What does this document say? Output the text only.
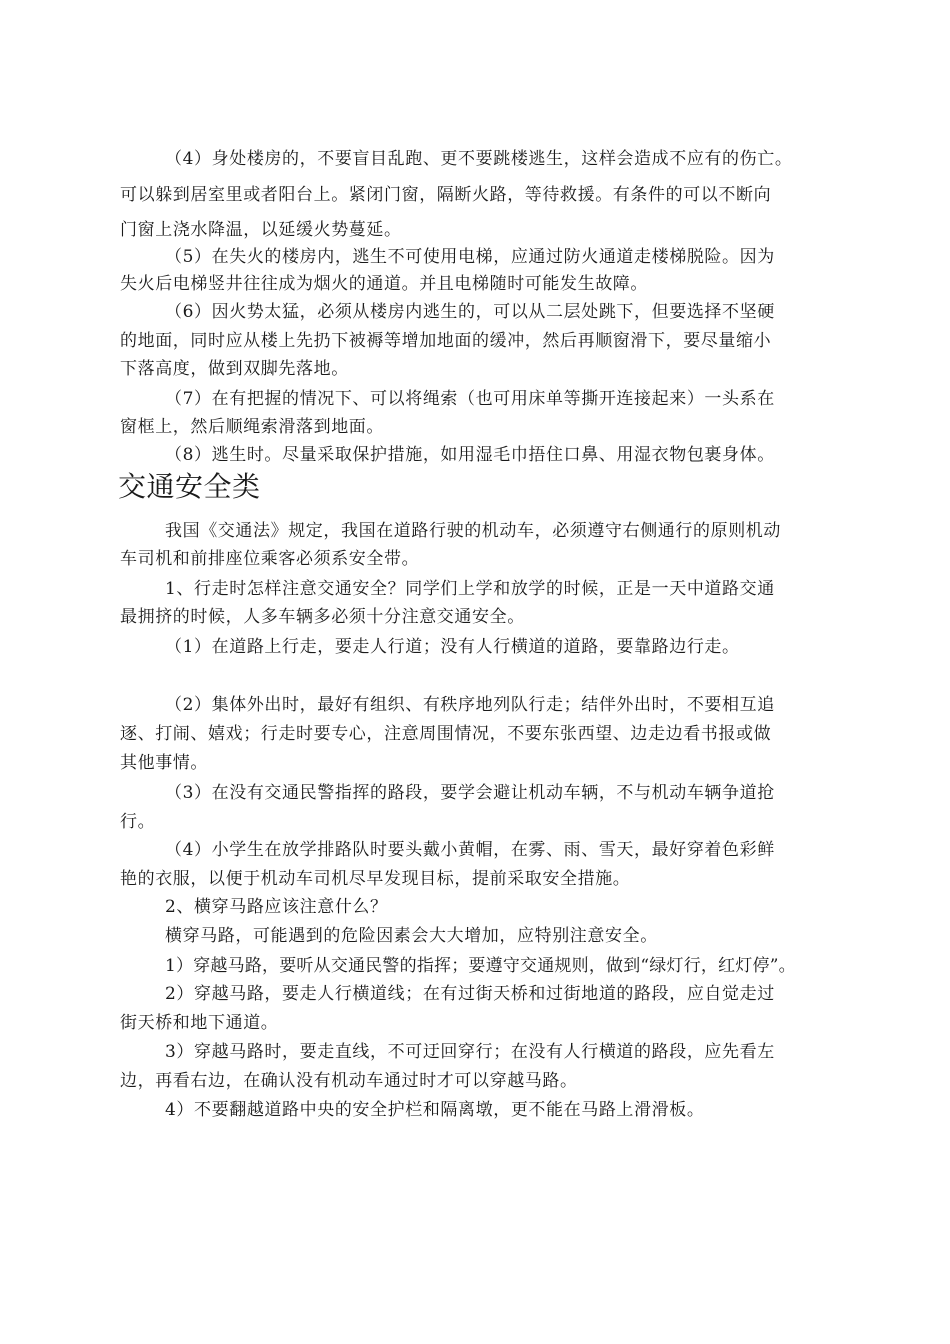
（4）身处楼房的，不要盲目乱跑、更不要跳楼逃生，这样会造成不应有的伤亡。
可以躲到居室里或者阳台上。紧闭门窗，隔断火路，等待救援。有条件的可以不断向
门窗上浇水降温，以延缓火势蔓延。
（5）在失火的楼房内，逃生不可使用电梯，应通过防火通道走楼梯脱险。因为
失火后电梯竖井往往成为烟火的通道。并且电梯随时可能发生故障。
（6）因火势太猛，必须从楼房内逃生的，可以从二层处跳下，但要选择不坚硬
的地面，同时应从楼上先扔下被褥等增加地面的缓冲，然后再顺窗滑下，要尽量缩小
下落高度，做到双脚先落地。
（7）在有把握的情况下、可以将绳索（也可用床单等撕开连接起来）一头系在
窗框上，然后顺绳索滑落到地面。
（8）逃生时。尽量采取保护措施，如用湿毛巾捂住口鼻、用湿衣物包裹身体。
交通安全类
我国《交通法》规定，我国在道路行驶的机动车，必须遵守右侧通行的原则机动
车司机和前排座位乘客必须系安全带。
1、行走时怎样注意交通安全？同学们上学和放学的时候，正是一天中道路交通
最拥挤的时候，人多车辆多必须十分注意交通安全。
（1）在道路上行走，要走人行道；没有人行横道的道路，要靠路边行走。
（2）集体外出时，最好有组织、有秩序地列队行走；结伴外出时，不要相互追
逐、打闹、嬉戏；行走时要专心，注意周围情况，不要东张西望、边走边看书报或做
其他事情。
（3）在没有交通民警指挥的路段，要学会避让机动车辆，不与机动车辆争道抢
行。
（4）小学生在放学排路队时要头戴小黄帽，在雾、雨、雪天，最好穿着色彩鲜
艳的衣服，以便于机动车司机尽早发现目标，提前采取安全措施。
2、横穿马路应该注意什么？
横穿马路，可能遇到的危险因素会大大增加，应特别注意安全。
1）穿越马路，要听从交通民警的指挥；要遵守交通规则，做到“绿灯行，红灯停”。
2）穿越马路，要走人行横道线；在有过街天桥和过街地道的路段，应自觉走过
街天桥和地下通道。
3）穿越马路时，要走直线，不可迂回穿行；在没有人行横道的路段，应先看左
边，再看右边，在确认没有机动车通过时才可以穿越马路。
4）不要翻越道路中央的安全护栏和隔离墩，更不能在马路上滑滑板。
